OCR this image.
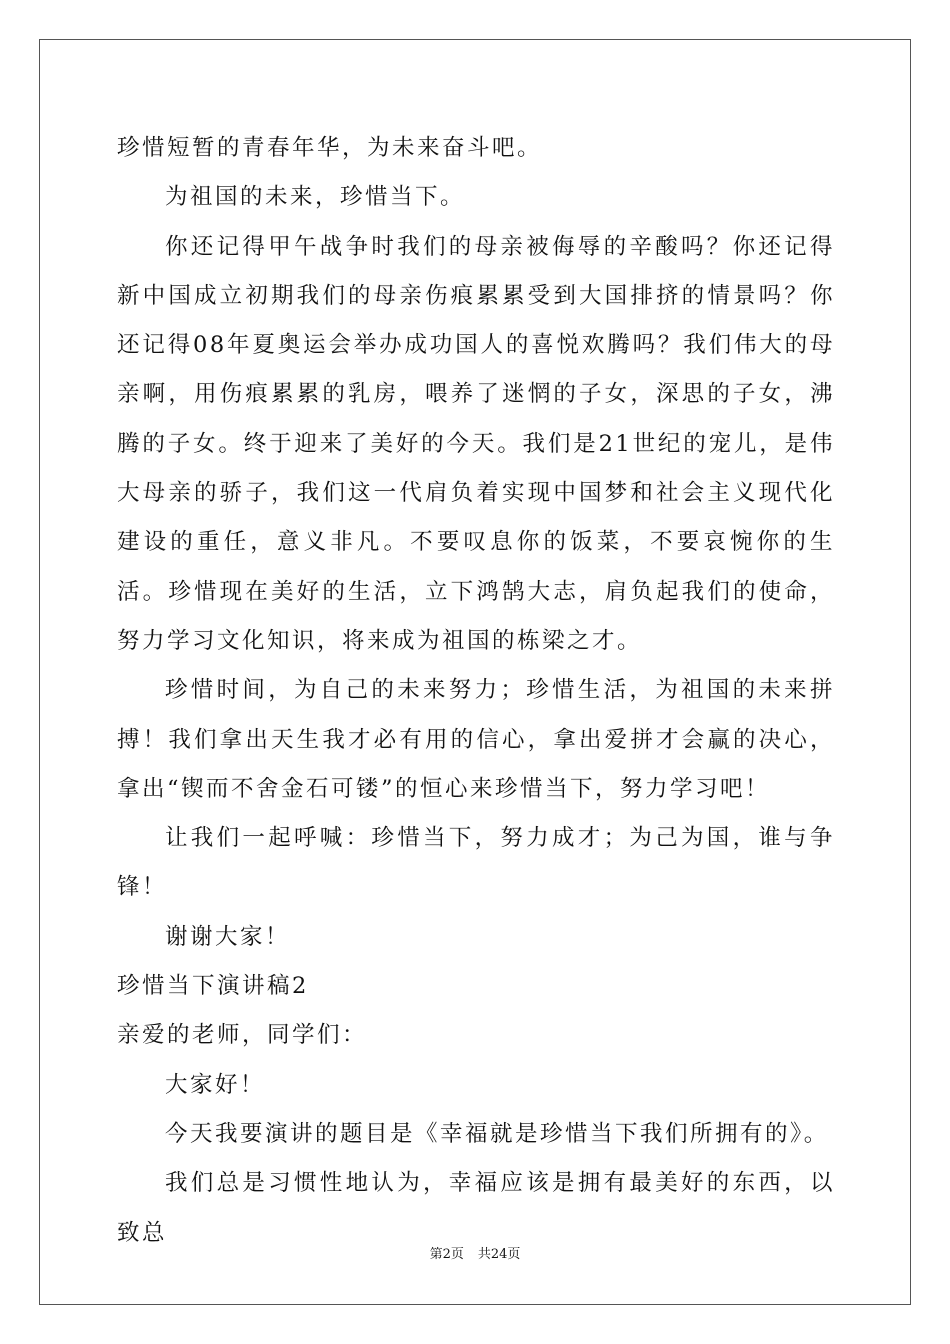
珍惜短暂的青春年华，为未来奋斗吧。

为祖国的未来，珍惜当下。

你还记得甲午战争时我们的母亲被侮辱的辛酸吗？你还记得新中国成立初期我们的母亲伤痕累累受到大国排挤的情景吗？你还记得08年夏奥运会举办成功国人的喜悦欢腾吗？我们伟大的母亲啊，用伤痕累累的乳房，喂养了迷惘的子女，深思的子女，沸腾的子女。终于迎来了美好的今天。我们是21世纪的宠儿，是伟大母亲的骄子，我们这一代肩负着实现中国梦和社会主义现代化建设的重任，意义非凡。不要叹息你的饭菜，不要哀惋你的生活。珍惜现在美好的生活，立下鸿鹄大志，肩负起我们的使命，努力学习文化知识，将来成为祖国的栋梁之才。

珍惜时间，为自己的未来努力；珍惜生活，为祖国的未来拼搏！我们拿出天生我才必有用的信心，拿出爱拼才会赢的决心，拿出“锲而不舍金石可镂”的恒心来珍惜当下，努力学习吧！

让我们一起呼喊：珍惜当下，努力成才；为己为国，谁与争锋！

谢谢大家！

珍惜当下演讲稿2

亲爱的老师，同学们：

大家好！

今天我要演讲的题目是《幸福就是珍惜当下我们所拥有的》。

我们总是习惯性地认为，幸福应该是拥有最美好的东西，以致总

第2页 共24页
